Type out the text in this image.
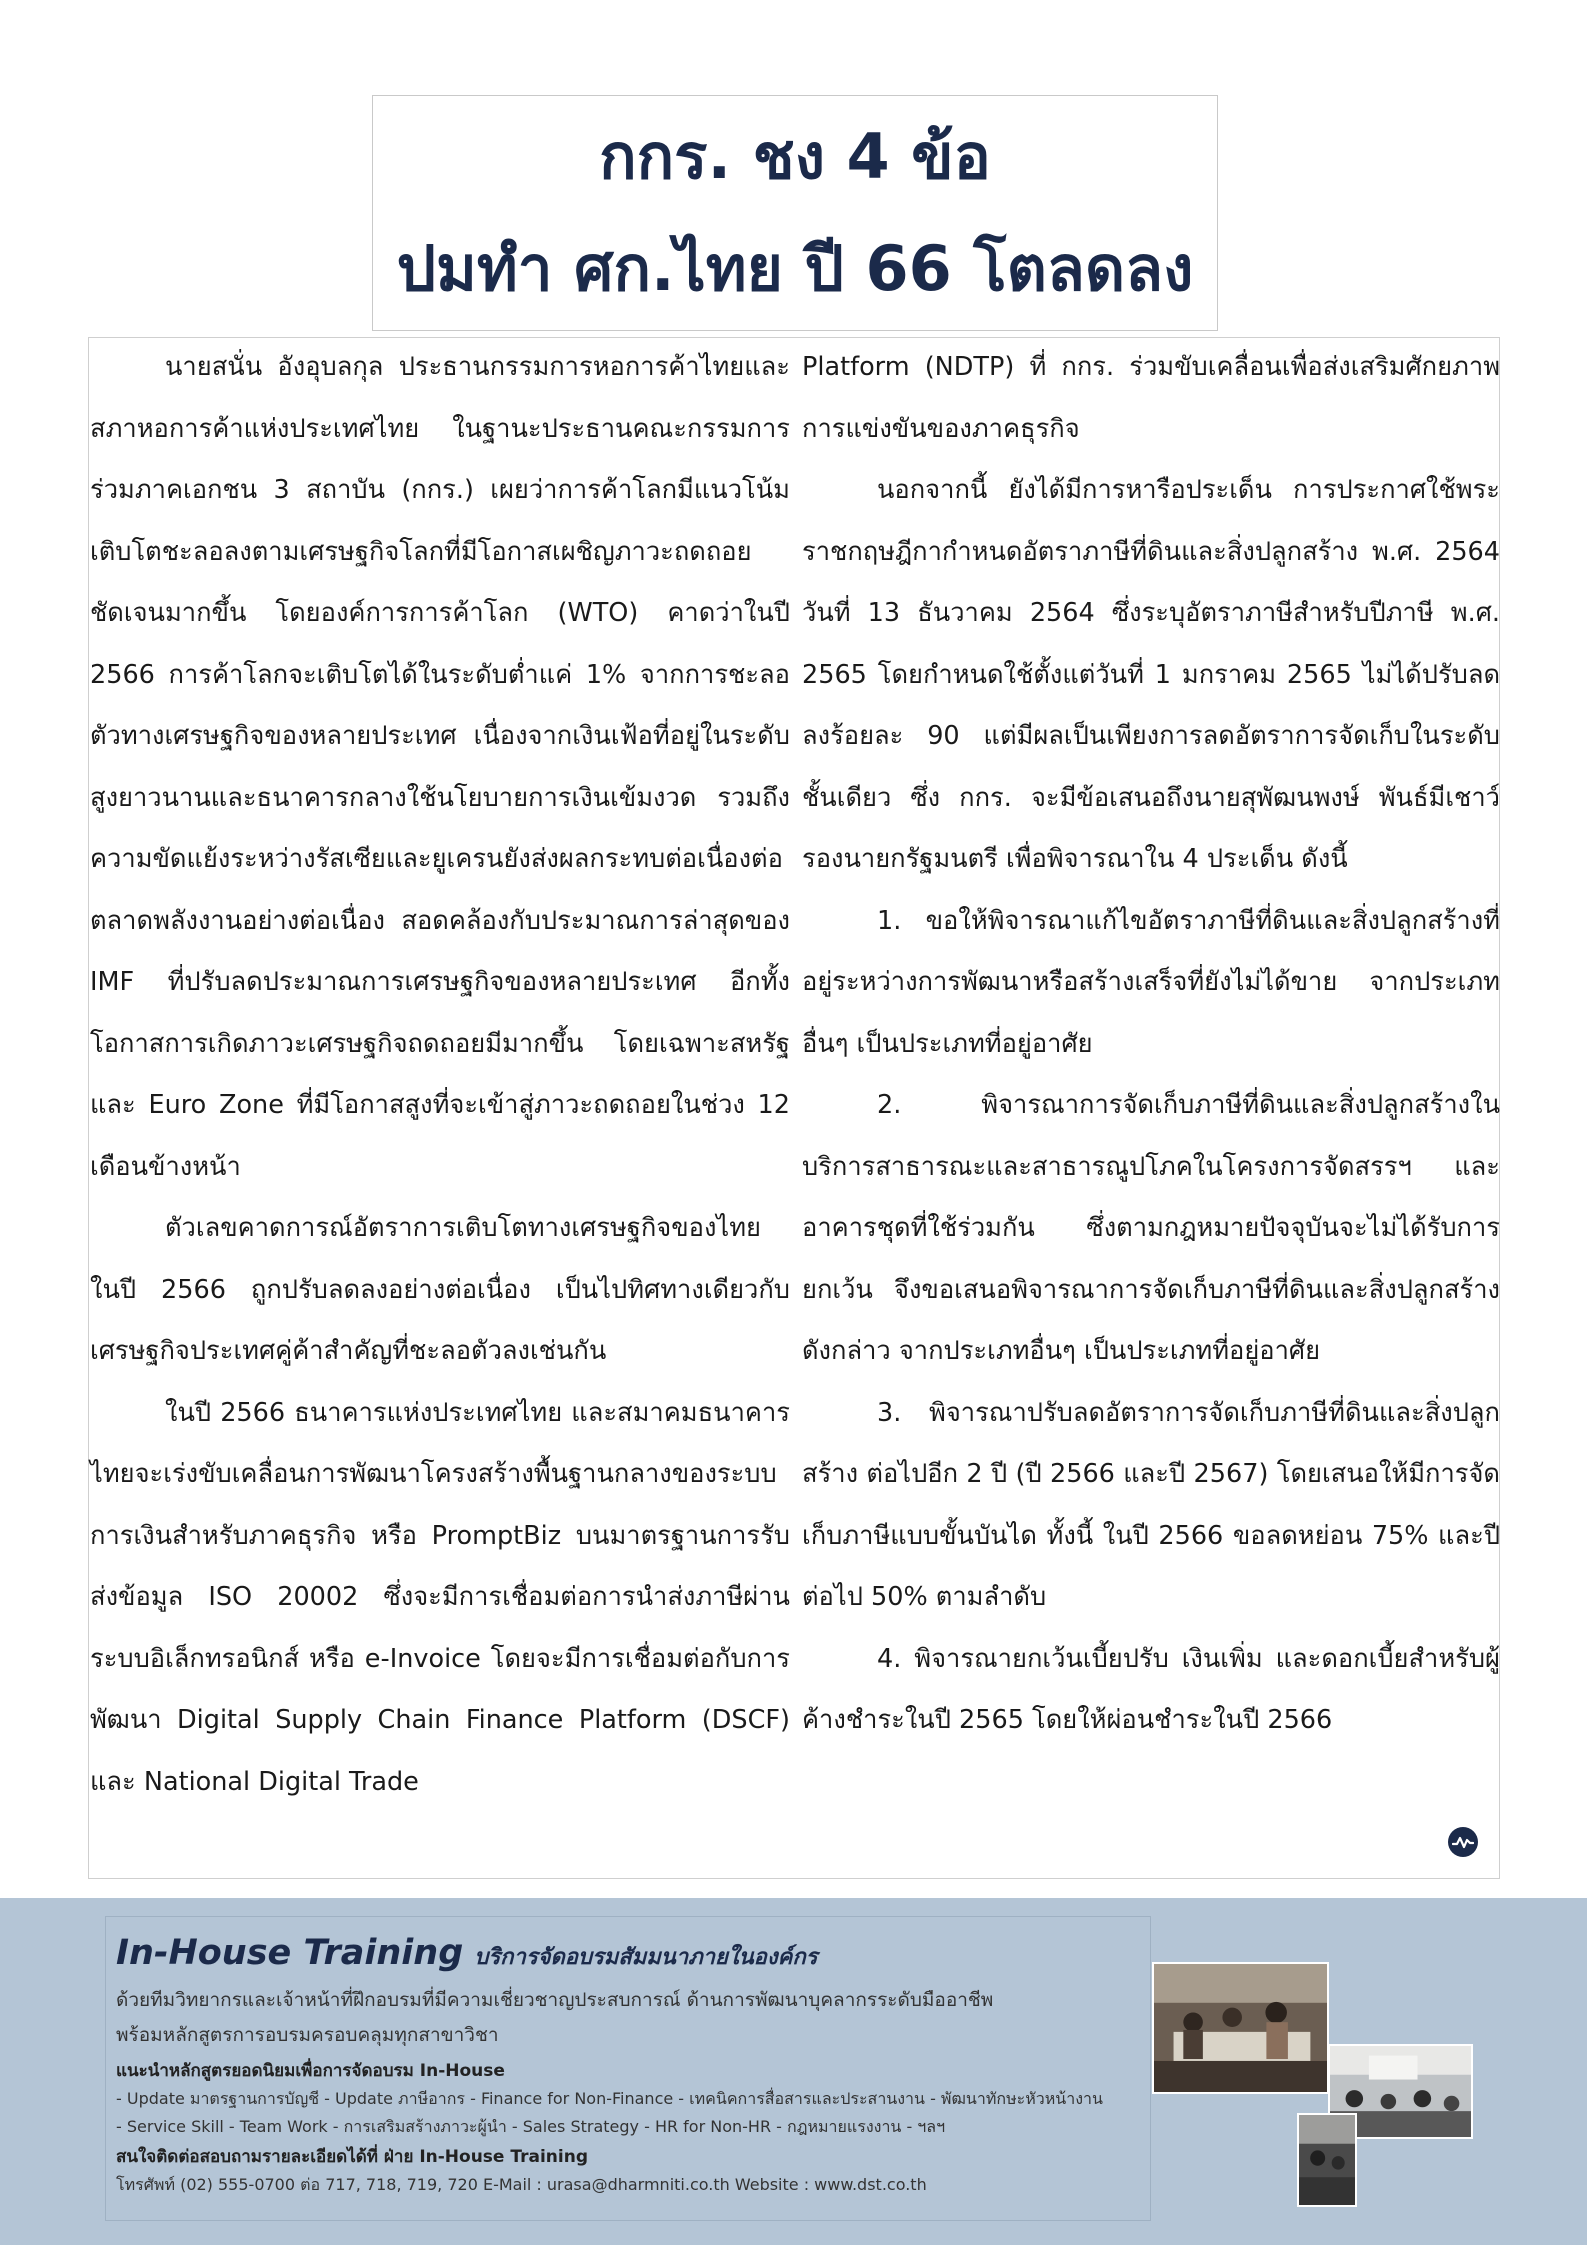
กกร. ชง 4 ข้อ
ปมทำ ศก.ไทย ปี 66 โตลดลง

นายสนั่น อังอุบลกุล ประธานกรรมการหอการค้าไทยและสภาหอการค้าแห่งประเทศไทย ในฐานะประธานคณะกรรมการร่วมภาคเอกชน 3 สถาบัน (กกร.) เผยว่าการค้าโลกมีแนวโน้มเติบโตชะลอลงตามเศรษฐกิจโลกที่มีโอกาสเผชิญภาวะถดถอยชัดเจนมากขึ้น โดยองค์การการค้าโลก (WTO) คาดว่าในปี 2566 การค้าโลกจะเติบโตได้ในระดับต่ำแค่ 1% จากการชะลอตัวทางเศรษฐกิจของหลายประเทศ เนื่องจากเงินเฟ้อที่อยู่ในระดับสูงยาวนานและธนาคารกลางใช้นโยบายการเงินเข้มงวด รวมถึงความขัดแย้งระหว่างรัสเซียและยูเครนยังส่งผลกระทบต่อเนื่องต่อตลาดพลังงานอย่างต่อเนื่อง สอดคล้องกับประมาณการล่าสุดของ IMF ที่ปรับลดประมาณการเศรษฐกิจของหลายประเทศ อีกทั้งโอกาสการเกิดภาวะเศรษฐกิจถดถอยมีมากขึ้น โดยเฉพาะสหรัฐและ Euro Zone ที่มีโอกาสสูงที่จะเข้าสู่ภาวะถดถอยในช่วง 12 เดือนข้างหน้า

ตัวเลขคาดการณ์อัตราการเติบโตทางเศรษฐกิจของไทยในปี 2566 ถูกปรับลดลงอย่างต่อเนื่อง เป็นไปทิศทางเดียวกับเศรษฐกิจประเทศคู่ค้าสำคัญที่ชะลอตัวลงเช่นกัน

ในปี 2566 ธนาคารแห่งประเทศไทย และสมาคมธนาคารไทยจะเร่งขับเคลื่อนการพัฒนาโครงสร้างพื้นฐานกลางของระบบการเงินสำหรับภาคธุรกิจ หรือ PromptBiz บนมาตรฐานการรับส่งข้อมูล ISO 20002 ซึ่งจะมีการเชื่อมต่อการนำส่งภาษีผ่านระบบอิเล็กทรอนิกส์ หรือ e-Invoice โดยจะมีการเชื่อมต่อกับการพัฒนา Digital Supply Chain Finance Platform (DSCF) และ National Digital Trade

Platform (NDTP) ที่ กกร. ร่วมขับเคลื่อนเพื่อส่งเสริมศักยภาพการแข่งขันของภาคธุรกิจ

นอกจากนี้ ยังได้มีการหารือประเด็น การประกาศใช้พระราชกฤษฎีกากำหนดอัตราภาษีที่ดินและสิ่งปลูกสร้าง พ.ศ. 2564 วันที่ 13 ธันวาคม 2564 ซึ่งระบุอัตราภาษีสำหรับปีภาษี พ.ศ. 2565 โดยกำหนดใช้ตั้งแต่วันที่ 1 มกราคม 2565 ไม่ได้ปรับลดลงร้อยละ 90 แต่มีผลเป็นเพียงการลดอัตราการจัดเก็บในระดับชั้นเดียว ซึ่ง กกร. จะมีข้อเสนอถึงนายสุพัฒนพงษ์ พันธ์มีเชาว์ รองนายกรัฐมนตรี เพื่อพิจารณาใน 4 ประเด็น ดังนี้

1. ขอให้พิจารณาแก้ไขอัตราภาษีที่ดินและสิ่งปลูกสร้างที่อยู่ระหว่างการพัฒนาหรือสร้างเสร็จที่ยังไม่ได้ขาย จากประเภทอื่นๆ เป็นประเภทที่อยู่อาศัย

2. พิจารณาการจัดเก็บภาษีที่ดินและสิ่งปลูกสร้างในบริการสาธารณะและสาธารณูปโภคในโครงการจัดสรรฯ และอาคารชุดที่ใช้ร่วมกัน ซึ่งตามกฎหมายปัจจุบันจะไม่ได้รับการยกเว้น จึงขอเสนอพิจารณาการจัดเก็บภาษีที่ดินและสิ่งปลูกสร้างดังกล่าว จากประเภทอื่นๆ เป็นประเภทที่อยู่อาศัย

3. พิจารณาปรับลดอัตราการจัดเก็บภาษีที่ดินและสิ่งปลูกสร้าง ต่อไปอีก 2 ปี (ปี 2566 และปี 2567) โดยเสนอให้มีการจัดเก็บภาษีแบบขั้นบันได ทั้งนี้ ในปี 2566 ขอลดหย่อน 75% และปีต่อไป 50% ตามลำดับ

4. พิจารณายกเว้นเบี้ยปรับ เงินเพิ่ม และดอกเบี้ยสำหรับผู้ค้างชำระในปี 2565 โดยให้ผ่อนชำระในปี 2566

In-House Training บริการจัดอบรมสัมมนาภายในองค์กร
ด้วยทีมวิทยากรและเจ้าหน้าที่ฝึกอบรมที่มีความเชี่ยวชาญประสบการณ์ ด้านการพัฒนาบุคลากรระดับมืออาชีพ
พร้อมหลักสูตรการอบรมครอบคลุมทุกสาขาวิชา
แนะนำหลักสูตรยอดนิยมเพื่อการจัดอบรม In-House
- Update มาตรฐานการบัญชี - Update ภาษีอากร - Finance for Non-Finance - เทคนิคการสื่อสารและประสานงาน - พัฒนาทักษะหัวหน้างาน
- Service Skill - Team Work - การเสริมสร้างภาวะผู้นำ - Sales Strategy - HR for Non-HR - กฎหมายแรงงาน - ฯลฯ
สนใจติดต่อสอบถามรายละเอียดได้ที่ ฝ่าย In-House Training
โทรศัพท์ (02) 555-0700 ต่อ 717, 718, 719, 720 E-Mail : urasa@dharmniti.co.th Website : www.dst.co.th
